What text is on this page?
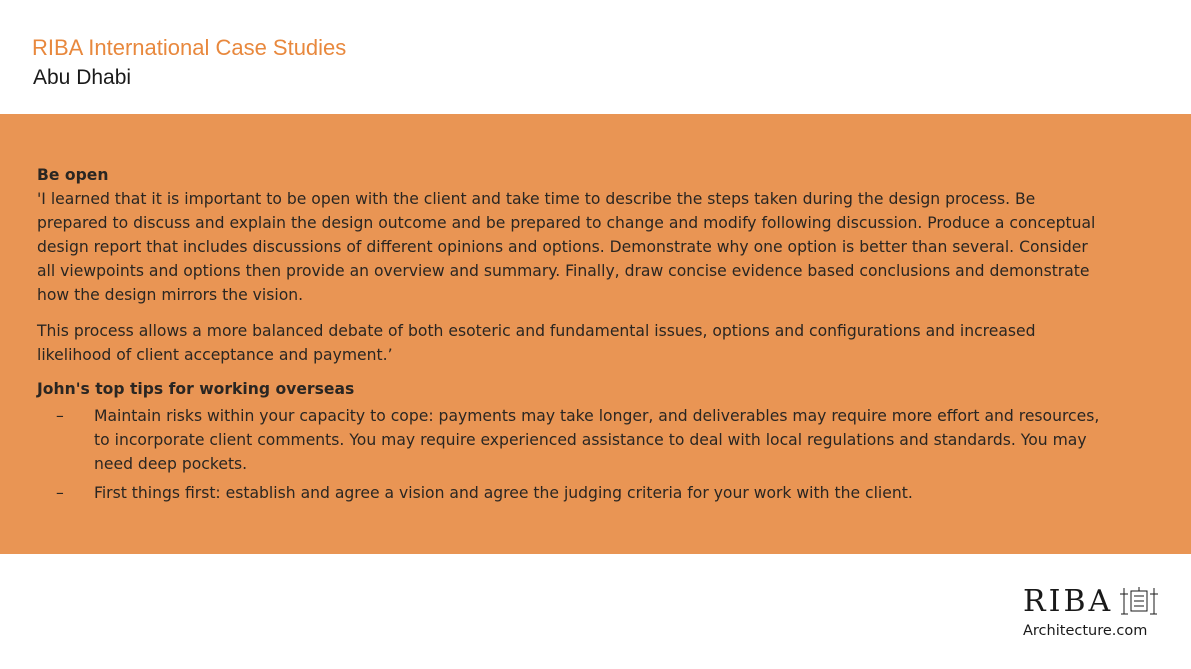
RIBA International Case Studies
Abu Dhabi

Be open

'I learned that it is important to be open with the client and take time to describe the steps taken during the design process. Be prepared to discuss and explain the design outcome and be prepared to change and modify following discussion. Produce a conceptual design report that includes discussions of different opinions and options. Demonstrate why one option is better than several. Consider all viewpoints and options then provide an overview and summary. Finally, draw concise evidence based conclusions and demonstrate how the design mirrors the vision.

This process allows a more balanced debate of both esoteric and fundamental issues, options and configurations and increased likelihood of client acceptance and payment.’

John's top tips for working overseas

– Maintain risks within your capacity to cope: payments may take longer, and deliverables may require more effort and resources, to incorporate client comments. You may require experienced assistance to deal with local regulations and standards. You may need deep pockets.
– First things first: establish and agree a vision and agree the judging criteria for your work with the client.
RIBA
Architecture.com
